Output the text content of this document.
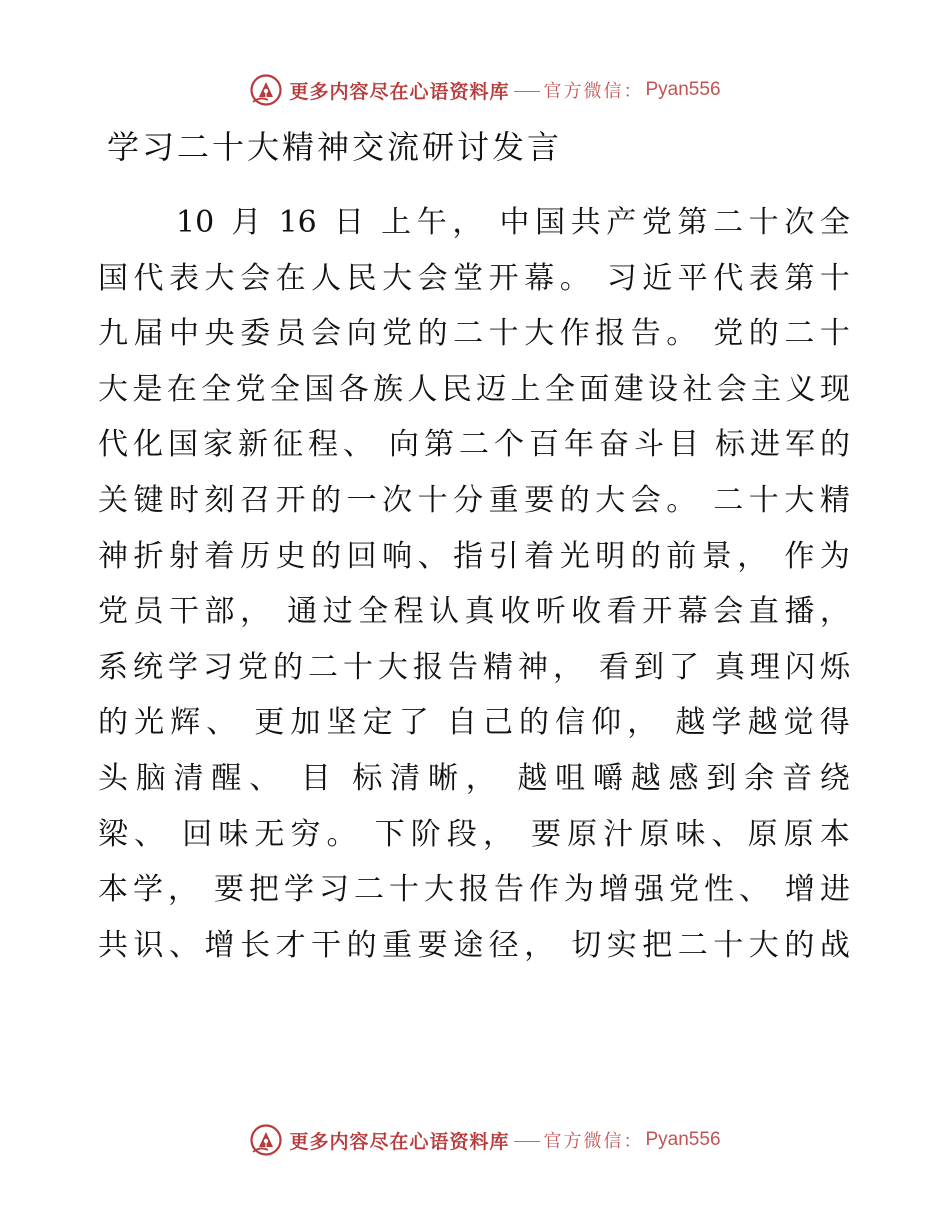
更多内容尽在心语资料库 官方微信： Pyan556
学习二十大精神交流研讨发言
10
月
16
日
上 午 ，
中 国 共 产 党 第 二 十 次 全
国 代 表 大 会 在 人 民 大 会 堂 开 幕 。
习 近 平 代 表 第 十
九 届 中 央 委 员 会 向 党 的 二 十 大 作 报 告 。
党 的 二 十
大 是 在 全 党 全 国 各 族 人 民 迈 上 全 面 建 设 社 会 主 义 现
代 化 国 家 新 征 程 、
向 第 二 个 百 年 奋 斗 目
标 进 军 的
关 键 时 刻 召 开 的 一 次 十 分 重 要 的 大 会 。
二 十 大 精
神 折 射 着 历 史 的 回 响 、 指 引 着 光 明 的 前 景 ，
作 为
党 员 干 部 ，
通 过 全 程 认 真 收 听 收 看 开 幕 会 直 播 ，
系 统 学 习 党 的 二 十 大 报 告 精 神 ，
看 到 了
真 理 闪 烁
的 光 辉 、
更 加 坚 定 了
自 己 的 信 仰 ，
越 学 越 觉 得
头 脑 清 醒 、
目
标 清 晰 ，
越 咀 嚼 越 感 到 余 音 绕
梁 、
回 味 无 穷 。
下 阶 段 ，
要 原 汁 原 味 、 原 原 本
本 学 ，
要 把 学 习 二 十 大 报 告 作 为 增 强 党 性 、
增 进
共 识 、 增 长 才 干 的 重 要 途 径 ，
切 实 把 二 十 大 的 战
更多内容尽在心语资料库 官方微信： Pyan556
